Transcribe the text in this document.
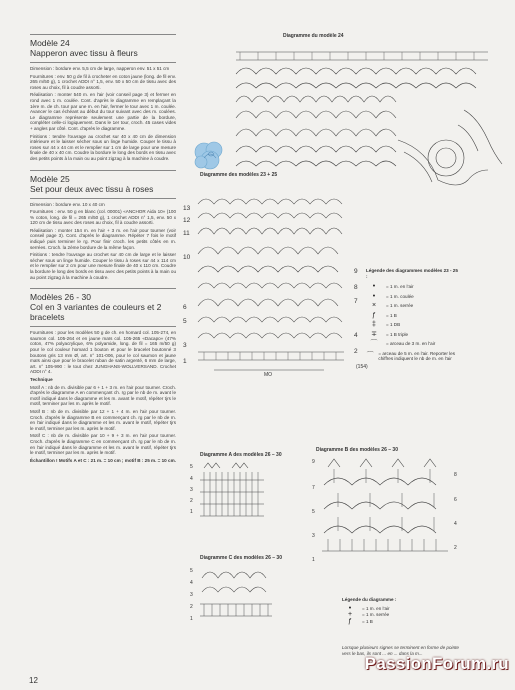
Modèle 24
Napperon avec tissu à fleurs

Dimension : bordure env. 5,5 cm de large, napperon env. 51 x 51 cm

Fournitures : env. 50 g de fil à crocheter en coton jaune (long. de fil env. 265 m/50 g), 1 crochet ADDI n° 1,5, env. 50 x 50 cm de tissu avec des roses au choix, fil à coudre assorti.

Réalisation : monter 540 m. en l'air (voir conseil page 3) et fermer en rond avec 1 m. coulée. Cont. d'après le diagramme en remplaçant la 1ère m. de ch. tour par une m. en l'air, fermer le tour avec 1 m. coulée. Avancer le cas échéant au début du tour suivant avec des m. coulées. Le diagramme représente seulement une partie de la bordure, compléter celle-ci logiquement. Dans le 1er tour, croch. 45 cases vides + angles par côté. Cont. d'après le diagramme.

Finitions : tendre l'ouvrage au crochet sur 40 x 40 cm de dimension intérieure et le laisser sécher sous un linge humide. Couper le tissu à roses sur 44 x 44 cm et le remplier sur 1 cm de large pour une mesure finale de 40 x 40 cm. Coudre la bordure le long des bords en tissu avec des petits points à la main ou au point zigzag à la machine à coudre.

Modèle 25
Set pour deux avec tissu à roses

Dimension : bordure env. 10 x 40 cm

Fournitures : env. 50 g en blanc (col. 00001) «ANCHOR Aida 10» (100 % coton, long. de fil = 265 m/50 g), 1 crochet ADDI n° 1,5, env. 50 x 120 cm de tissu avec des roses au choix, fil à coudre assorti.

Réalisation : monter 154 m. en l'air + 3 m. en l'air pour tourner (voir conseil page 3). Cont. d'après le diagramme. Répéter 7 fois le motif indiqué puis terminer le rg. Pour finir croch. les petits côtés en m. serrées. Croch. la 2ème bordure de la même façon.

Finitions : tendre l'ouvrage au crochet sur 40 cm de large et le laisser sécher sous un linge humide. Couper le tissu à roses sur 44 x 114 cm et le remplier sur 2 cm pour une mesure finale de 40 x 110 cm. Coudre la bordure le long des bords en tissu avec des petits points à la main ou au point zigzag à la machine à coudre.

Modèles 26 - 30
Col en 3 variantes de couleurs et 2 bracelets

Fournitures : pour les modèles 50 g de ch. en homard col. 105-274, en saumon col. 105-264 et en jaune maïs col. 105-265 «Dacapo» (47% coton, 47% polyacrylique, 6% polyamide, long. de fil = 165 m/50 g) pour le col couleur homard 1 bouton et pour le bracelet boutonné 3 boutons gris 13 mm Ø, art. n° 101-006, pour le col saumon et jaune maïs ainsi que pour le bracelet ruban de satin argenté, 6 mm de large, art. n° 105-990 : le tout chez JUNGHANS-WOLLVERSAND. Crochet ADDI n° 4.

Technique

Motif A : nb de m. divisible par 6 + 1 + 3 m. en l'air pour tourner. Croch. d'après le diagramme A en commençant ch. rg par le nb de m. avant le motif indiqué dans le diagramme et les m. avant le motif, répéter tjrs le motif, terminer par les m. après le motif.

Motif B : nb de m. divisible par 12 + 1 + 4 m. en l'air pour tourner. Croch. d'après le diagramme B en commençant ch. rg par le nb de m. en l'air indiqué dans le diagramme et les m. avant le motif, répéter tjrs le motif, terminer par les m. après le motif.

Motif C : nb de m. divisible par 10 + 9 + 3 m. en l'air pour tourner. Croch. d'après le diagramme C en commençant ch. rg par le nb de m. en l'air indiqué dans le diagramme et les m. avant le motif, répéter tjrs le motif, terminer par les m. après le motif.

Échantillon ! Motifs A et C : 21 m. = 10 cm ; motif B : 25 m. = 10 cm.

12
Diagramme du modèle 24
Diagramme des modèles 23 + 25
13
12
11
10
9
8
7
6
5
4
3
2
1
MO
(154)
Légende des diagrammes modèles 23 - 25 :
•	= 1 m. en l'air
•	= 1 m. coulée
×	= 1 m. serrée
ƒ	= 1 B
‡	= 1 DB
∓	= 1 B triple
⌒	= arceau de 3 m. en l'air
⌒ = arceau de 5 m. en l'air. Reporter les chiffres indiquent le nb de m. en l'air
Diagramme A des modèles 26 – 30
5
4
3
2
1
Diagramme B des modèles 26 – 30
9
8
7
6
5
4
3
2
1
Diagramme C des modèles 26 – 30
5
4
3
2
1
Légende du diagramme :
•	= 1 m. en l'air
+	= 1 m. serrée
ƒ	= 1 B
Lorsque plusieurs signes se terminent en forme de pointe vers le bas, ils sont ... en ... dans la m...
PassionForum.ru
